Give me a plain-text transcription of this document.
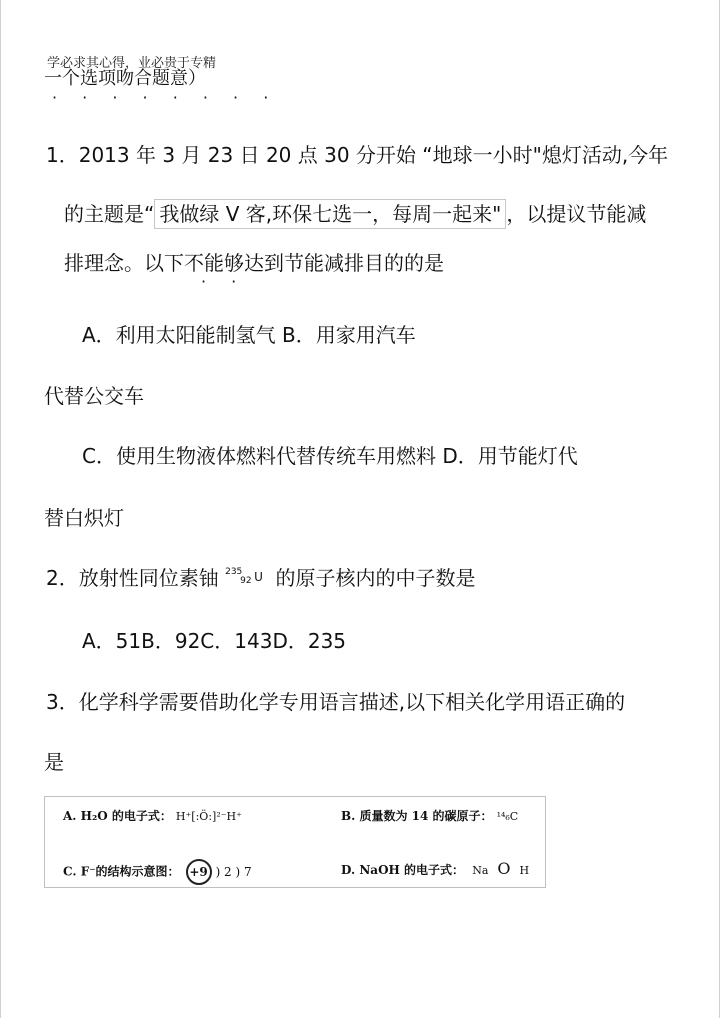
学必求其心得，业必贵于专精
一个选项吻合题意）
· · · · · · · ·
1．2013 年 3 月 23 日 20 点 30 分开始 “地球一小时"熄灯活动,今年
的主题是“ 我做绿 V 客,环保七选一，每周一起来" ，以提议节能减
排理念。以下不能够达到节能减排目的的是
· ·
A．利用太阳能制氢气 B．用家用汽车
代替公交车
C．使用生物液体燃料代替传统车用燃料 D．用节能灯代
替白炽灯
2．放射性同位素铀 235
92 U 的原子核内的中子数是
A．51B．92C．143D．235
3．化学科学需要借助化学专用语言描述,以下相关化学用语正确的
是
A. H₂O 的电子式： H⁺[:Ö:]²⁻H⁺	B. 质量数为 14 的碳原子： ¹⁴₆C
C. F⁻的结构示意图： +9 ) 2 ) 7	D. NaOH 的电子式： Na O H
